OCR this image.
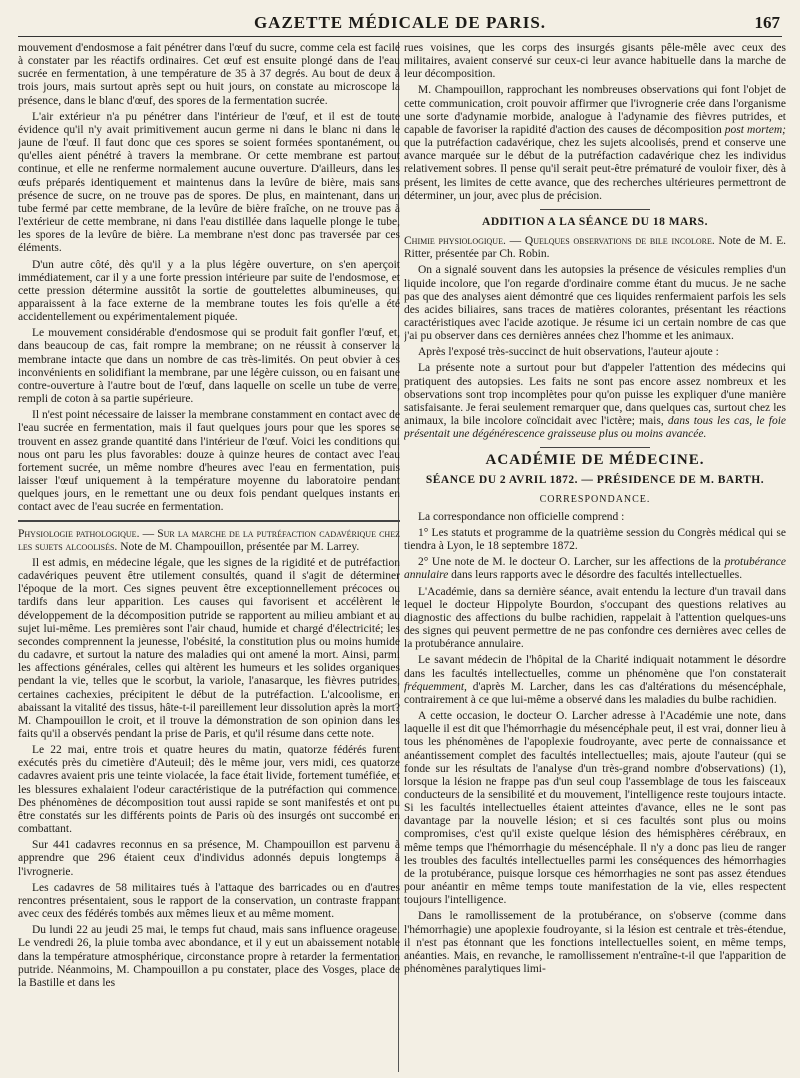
GAZETTE MÉDICALE DE PARIS.	167

mouvement d'endosmose a fait pénétrer dans l'œuf du sucre, comme cela est facile à constater par les réactifs ordinaires. Cet œuf est ensuite plongé dans de l'eau sucrée en fermentation, à une température de 35 à 37 degrés. Au bout de deux à trois jours, mais surtout après sept ou huit jours, on constate au microscope la présence, dans le blanc d'œuf, des spores de la fermentation sucrée.

L'air extérieur n'a pu pénétrer dans l'intérieur de l'œuf, et il est de toute évidence qu'il n'y avait primitivement aucun germe ni dans le blanc ni dans le jaune de l'œuf. Il faut donc que ces spores se soient formées spontanément, ou qu'elles aient pénétré à travers la membrane. Or cette membrane est partout continue, et elle ne renferme normalement aucune ouverture. D'ailleurs, dans les œufs préparés identiquement et maintenus dans la levûre de bière, mais sans présence de sucre, on ne trouve pas de spores. De plus, en maintenant, dans un tube fermé par cette membrane, de la levûre de bière fraîche, on ne trouve pas à l'extérieur de cette membrane, ni dans l'eau distillée dans laquelle plonge le tube, les spores de la levûre de bière. La membrane n'est donc pas traversée par ces éléments.

D'un autre côté, dès qu'il y a la plus légère ouverture, on s'en aperçoit immédiatement, car il y a une forte pression intérieure par suite de l'endosmose, et cette pression détermine aussitôt la sortie de gouttelettes albumineuses, qui apparaissent à la face externe de la membrane toutes les fois qu'elle a été accidentellement ou expérimentalement piquée.

Le mouvement considérable d'endosmose qui se produit fait gonfler l'œuf, et, dans beaucoup de cas, fait rompre la membrane; on ne réussit à conserver la membrane intacte que dans un nombre de cas très-limités. On peut obvier à ces inconvénients en solidifiant la membrane, par une légère cuisson, ou en faisant une contre-ouverture à l'autre bout de l'œuf, dans laquelle on scelle un tube de verre, rempli de coton à sa partie supérieure.

Il n'est point nécessaire de laisser la membrane constamment en contact avec de l'eau sucrée en fermentation, mais il faut quelques jours pour que les spores se trouvent en assez grande quantité dans l'intérieur de l'œuf. Voici les conditions qui nous ont paru les plus favorables: douze à quinze heures de contact avec l'eau fortement sucrée, un même nombre d'heures avec l'eau en fermentation, puis laisser l'œuf uniquement à la température moyenne du laboratoire pendant quelques jours, en le remettant une ou deux fois pendant quelques instants en contact avec de l'eau sucrée en fermentation.

Physiologie pathologique. — Sur la marche de la putréfaction cadavérique chez les sujets alcoolisés. Note de M. Champouillon, présentée par M. Larrey.

Il est admis, en médecine légale, que les signes de la rigidité et de putréfaction cadavériques peuvent être utilement consultés, quand il s'agit de déterminer l'époque de la mort. Ces signes peuvent être exceptionnellement précoces ou tardifs dans leur apparition. Les causes qui favorisent et accélèrent le développement de la décomposition putride se rapportent au milieu ambiant et au sujet lui-même. Les premières sont l'air chaud, humide et chargé d'électricité; les secondes comprennent la jeunesse, l'obésité, la constitution plus ou moins humide du cadavre, et surtout la nature des maladies qui ont amené la mort. Ainsi, parmi les affections générales, celles qui altèrent les humeurs et les solides organiques pendant la vie, telles que le scorbut, la variole, l'anasarque, les fièvres putrides, certaines cachexies, précipitent le début de la putréfaction. L'alcoolisme, en abaissant la vitalité des tissus, hâte-t-il pareillement leur dissolution après la mort? M. Champouillon le croit, et il trouve la démonstration de son opinion dans les faits qu'il a observés pendant la prise de Paris, et qu'il résume dans cette note.

Le 22 mai, entre trois et quatre heures du matin, quatorze fédérés furent exécutés près du cimetière d'Auteuil; dès le même jour, vers midi, ces quatorze cadavres avaient pris une teinte violacée, la face était livide, fortement tuméfiée, et les blessures exhalaient l'odeur caractéristique de la putréfaction qui commence. Des phénomènes de décomposition tout aussi rapide se sont manifestés et ont pu être constatés sur les différents points de Paris où des insurgés ont succombé en combattant.

Sur 441 cadavres reconnus en sa présence, M. Champouillon est parvenu à apprendre que 296 étaient ceux d'individus adonnés depuis longtemps à l'ivrognerie.

Les cadavres de 58 militaires tués à l'attaque des barricades ou en d'autres rencontres présentaient, sous le rapport de la conservation, un contraste frappant avec ceux des fédérés tombés aux mêmes lieux et au même moment.

Du lundi 22 au jeudi 25 mai, le temps fut chaud, mais sans influence orageuse. Le vendredi 26, la pluie tomba avec abondance, et il y eut un abaissement notable dans la température atmosphérique, circonstance propre à retarder la fermentation putride. Néanmoins, M. Champouillon a pu constater, place des Vosges, place de la Bastille et dans les

rues voisines, que les corps des insurgés gisants pêle-mêle avec ceux des militaires, avaient conservé sur ceux-ci leur avance habituelle dans la marche de leur décomposition.

M. Champouillon, rapprochant les nombreuses observations qui font l'objet de cette communication, croit pouvoir affirmer que l'ivrognerie crée dans l'organisme une sorte d'adynamie morbide, analogue à l'adynamie des fièvres putrides, et capable de favoriser la rapidité d'action des causes de décomposition post mortem; que la putréfaction cadavérique, chez les sujets alcoolisés, prend et conserve une avance marquée sur le début de la putréfaction cadavérique chez les individus relativement sobres. Il pense qu'il serait peut-être prématuré de vouloir fixer, dès à présent, les limites de cette avance, que des recherches ultérieures permettront de déterminer, un jour, avec plus de précision.

ADDITION A LA SÉANCE DU 18 MARS.

Chimie physiologique. — Quelques observations de bile incolore. Note de M. E. Ritter, présentée par Ch. Robin.

On a signalé souvent dans les autopsies la présence de vésicules remplies d'un liquide incolore, que l'on regarde d'ordinaire comme étant du mucus. Je ne sache pas que des analyses aient démontré que ces liquides renfermaient parfois les sels des acides biliaires, sans traces de matières colorantes, présentant les réactions caractéristiques avec l'acide azotique. Je résume ici un certain nombre de cas que j'ai pu observer dans ces dernières années chez l'homme et les animaux.

Après l'exposé très-succinct de huit observations, l'auteur ajoute :

La présente note a surtout pour but d'appeler l'attention des médecins qui pratiquent des autopsies. Les faits ne sont pas encore assez nombreux et les observations sont trop incomplètes pour qu'on puisse les expliquer d'une manière satisfaisante. Je ferai seulement remarquer que, dans quelques cas, surtout chez les animaux, la bile incolore coïncidait avec l'ictère; mais, dans tous les cas, le foie présentait une dégénérescence graisseuse plus ou moins avancée.

ACADÉMIE DE MÉDECINE.
SÉANCE DU 2 AVRIL 1872. — PRÉSIDENCE DE M. BARTH.
CORRESPONDANCE.

La correspondance non officielle comprend :

1° Les statuts et programme de la quatrième session du Congrès médical qui se tiendra à Lyon, le 18 septembre 1872.

2° Une note de M. le docteur O. Larcher, sur les affections de la protubérance annulaire dans leurs rapports avec le désordre des facultés intellectuelles.

L'Académie, dans sa dernière séance, avait entendu la lecture d'un travail dans lequel le docteur Hippolyte Bourdon, s'occupant des questions relatives au diagnostic des affections du bulbe rachidien, rappelait à l'attention quelques-uns des signes qui peuvent permettre de ne pas confondre ces dernières avec celles de la protubérance annulaire.

Le savant médecin de l'hôpital de la Charité indiquait notamment le désordre dans les facultés intellectuelles, comme un phénomène que l'on constaterait fréquemment, d'après M. Larcher, dans les cas d'altérations du mésencéphale, contrairement à ce que lui-même a observé dans les maladies du bulbe rachidien.

A cette occasion, le docteur O. Larcher adresse à l'Académie une note, dans laquelle il est dit que l'hémorrhagie du mésencéphale peut, il est vrai, donner lieu à tous les phénomènes de l'apoplexie foudroyante, avec perte de connaissance et anéantissement complet des facultés intellectuelles; mais, ajoute l'auteur (qui se fonde sur les résultats de l'analyse d'un très-grand nombre d'observations) (1), lorsque la lésion ne frappe pas d'un seul coup l'assemblage de tous les faisceaux conducteurs de la sensibilité et du mouvement, l'intelligence reste toujours intacte. Si les facultés intellectuelles étaient atteintes d'avance, elles ne le sont pas davantage par la nouvelle lésion; et si ces facultés sont plus ou moins compromises, c'est qu'il existe quelque lésion des hémisphères cérébraux, en même temps que l'hémorrhagie du mésencéphale. Il n'y a donc pas lieu de ranger les troubles des facultés intellectuelles parmi les conséquences des hémorrhagies de la protubérance, puisque lorsque ces hémorrhagies ne sont pas assez étendues pour anéantir en même temps toute manifestation de la vie, elles respectent toujours l'intelligence.

Dans le ramollissement de la protubérance, on s'observe (comme dans l'hémorrhagie) une apoplexie foudroyante, si la lésion est centrale et très-étendue, il n'est pas étonnant que les fonctions intellectuelles soient, en même temps, anéanties. Mais, en revanche, le ramollissement n'entraîne-t-il que l'apparition de phénomènes paralytiques limi-
